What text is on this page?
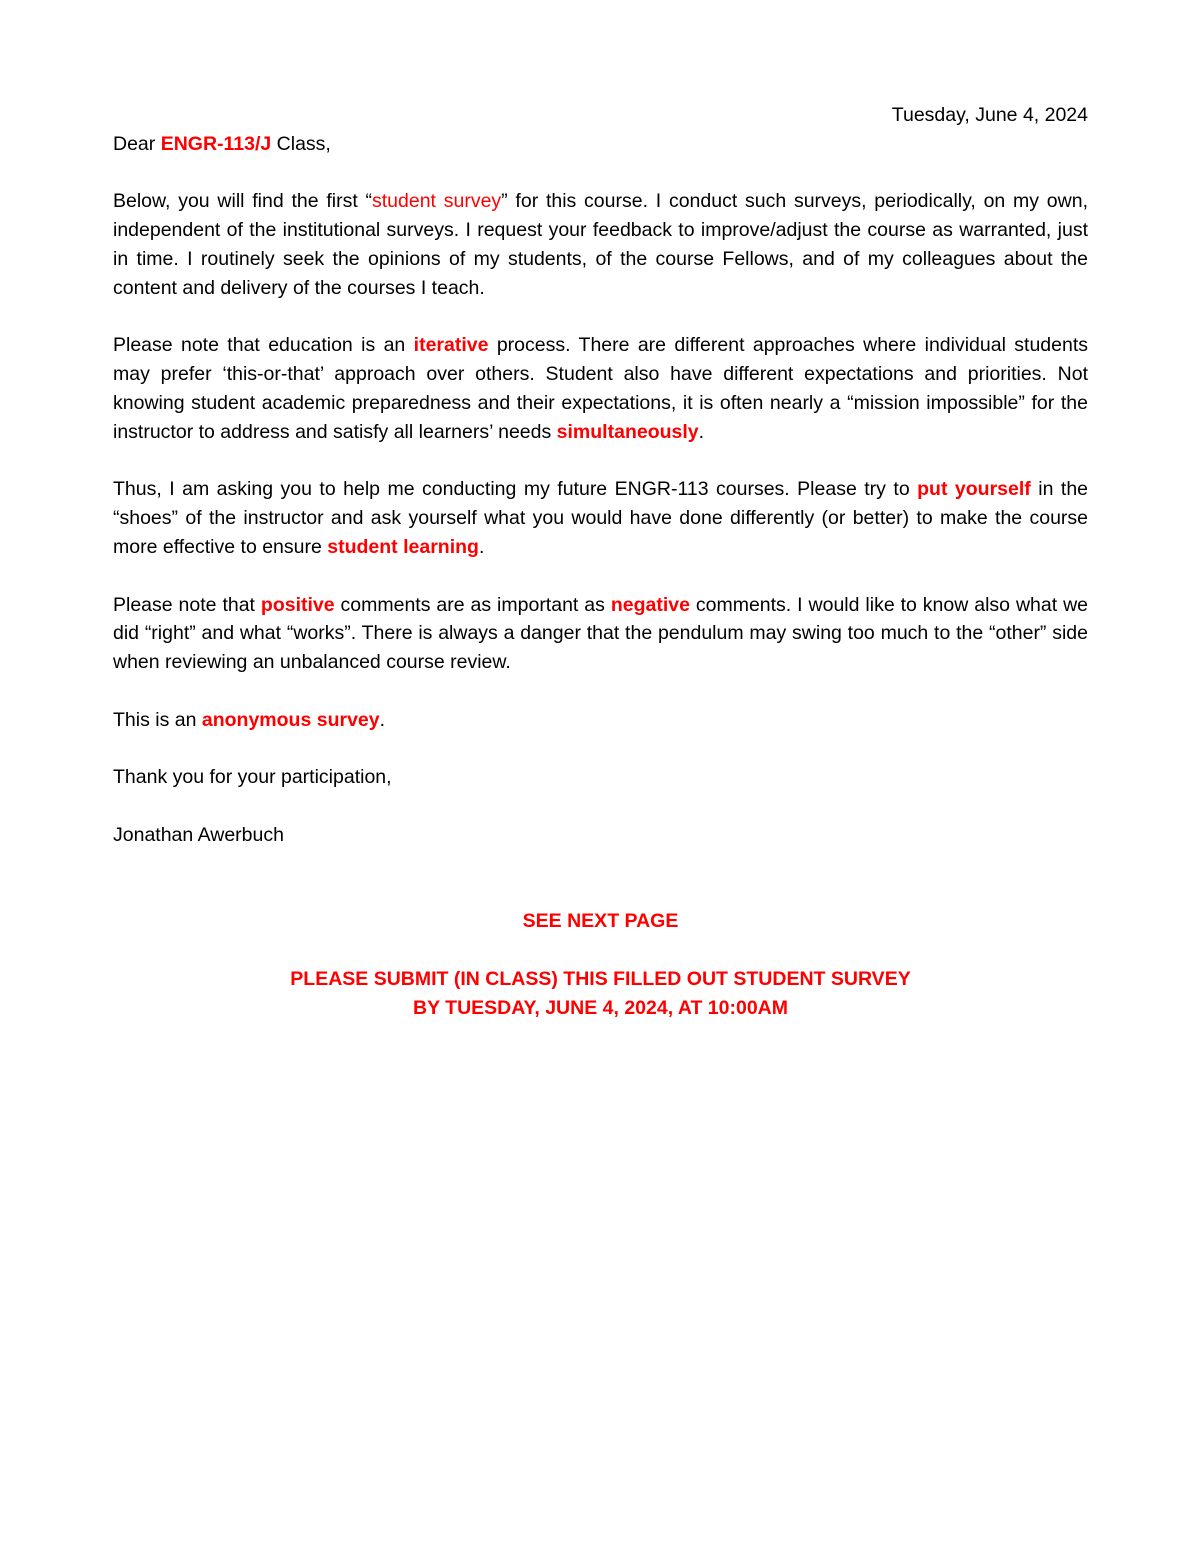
Tuesday, June 4, 2024

Dear ENGR-113/J Class,

Below, you will find the first “student survey” for this course. I conduct such surveys, periodically, on my own, independent of the institutional surveys. I request your feedback to improve/adjust the course as warranted, just in time. I routinely seek the opinions of my students, of the course Fellows, and of my colleagues about the content and delivery of the courses I teach.

Please note that education is an iterative process. There are different approaches where individual students may prefer ‘this-or-that’ approach over others. Student also have different expectations and priorities. Not knowing student academic preparedness and their expectations, it is often nearly a “mission impossible” for the instructor to address and satisfy all learners’ needs simultaneously.

Thus, I am asking you to help me conducting my future ENGR-113 courses. Please try to put yourself in the “shoes” of the instructor and ask yourself what you would have done differently (or better) to make the course more effective to ensure student learning.

Please note that positive comments are as important as negative comments. I would like to know also what we did “right” and what “works”. There is always a danger that the pendulum may swing too much to the “other” side when reviewing an unbalanced course review.

This is an anonymous survey.

Thank you for your participation,

Jonathan Awerbuch

SEE NEXT PAGE

PLEASE SUBMIT (IN CLASS) THIS FILLED OUT STUDENT SURVEY

BY TUESDAY, JUNE 4, 2024, AT 10:00AM
